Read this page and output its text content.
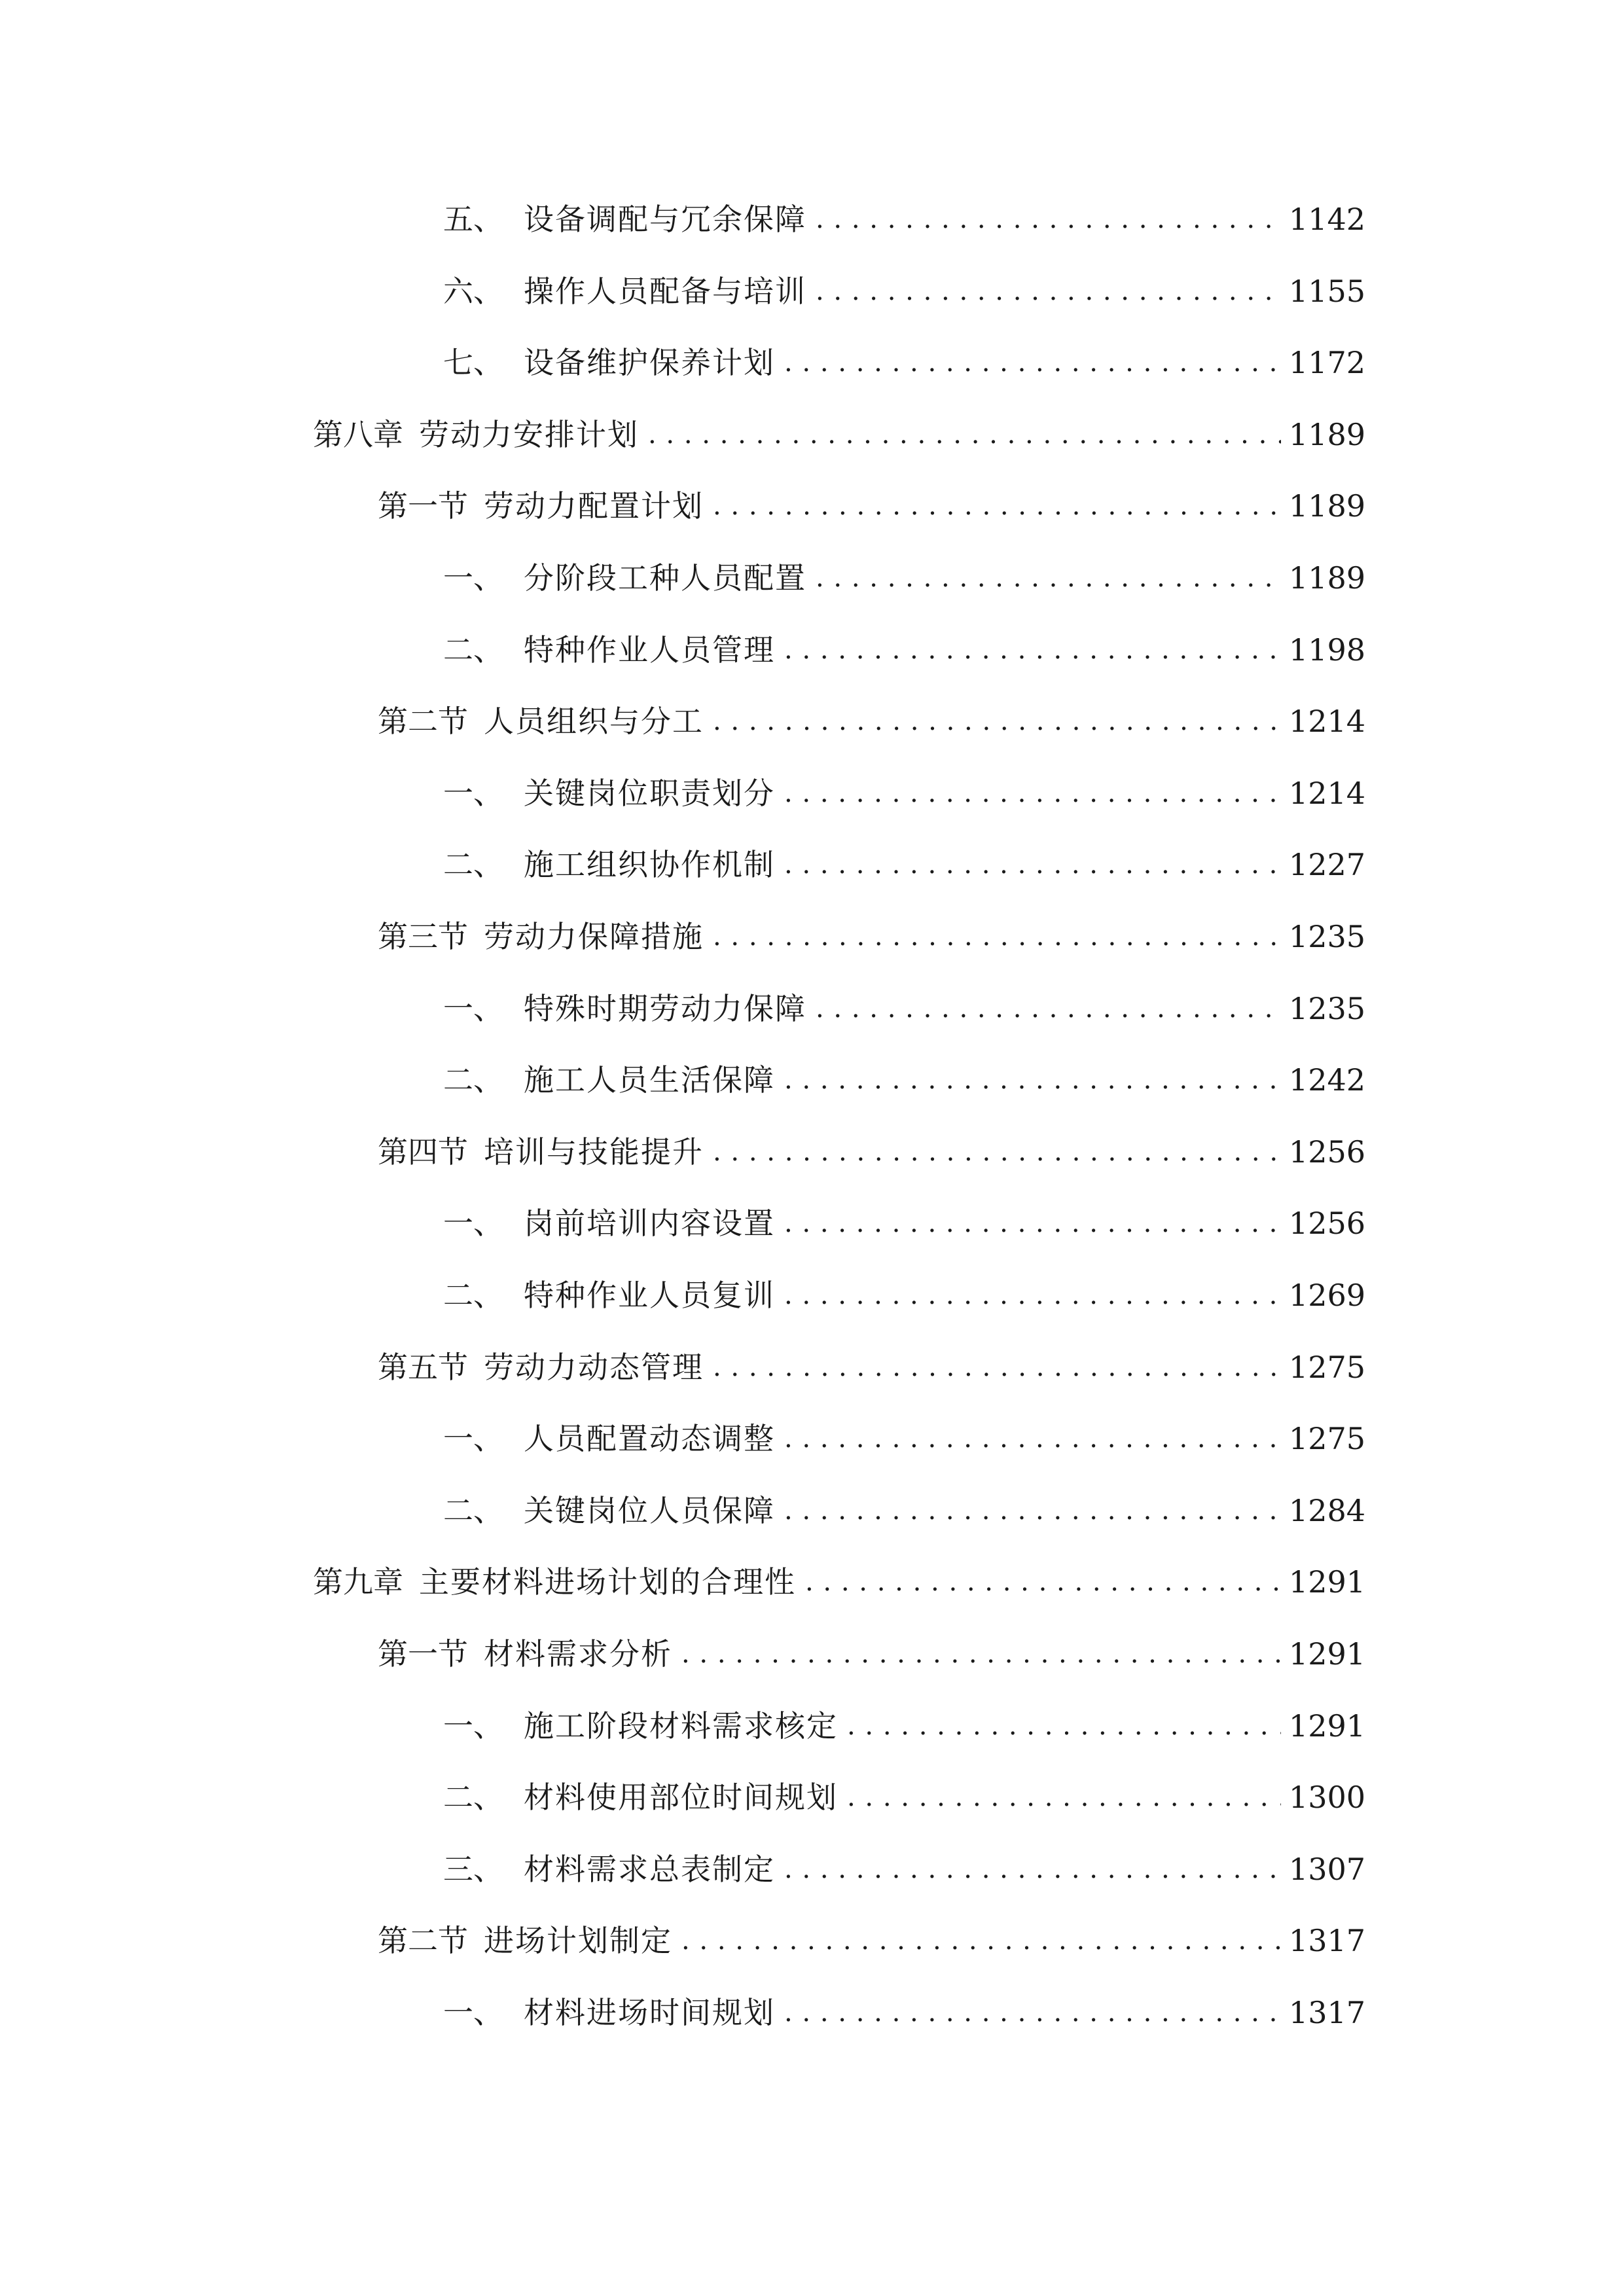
五、 设备调配与冗余保障 . . .	1142
六、 操作人员配备与培训 . . .	1155
七、 设备维护保养计划 . . .	1172
第八章 劳动力安排计划 . . .	1189
第一节 劳动力配置计划 . . .	1189
一、 分阶段工种人员配置 . . .	1189
二、 特种作业人员管理 . . .	1198
第二节 人员组织与分工 . . .	1214
一、 关键岗位职责划分 . . .	1214
二、 施工组织协作机制 . . .	1227
第三节 劳动力保障措施 . . .	1235
一、 特殊时期劳动力保障 . . .	1235
二、 施工人员生活保障 . . .	1242
第四节 培训与技能提升 . . .	1256
一、 岗前培训内容设置 . . .	1256
二、 特种作业人员复训 . . .	1269
第五节 劳动力动态管理 . . .	1275
一、 人员配置动态调整 . . .	1275
二、 关键岗位人员保障 . . .	1284
第九章 主要材料进场计划的合理性 . . .	1291
第一节 材料需求分析 . . .	1291
一、 施工阶段材料需求核定 . . .	1291
二、 材料使用部位时间规划 . . .	1300
三、 材料需求总表制定 . . .	1307
第二节 进场计划制定 . . .	1317
一、 材料进场时间规划 . . .	1317
